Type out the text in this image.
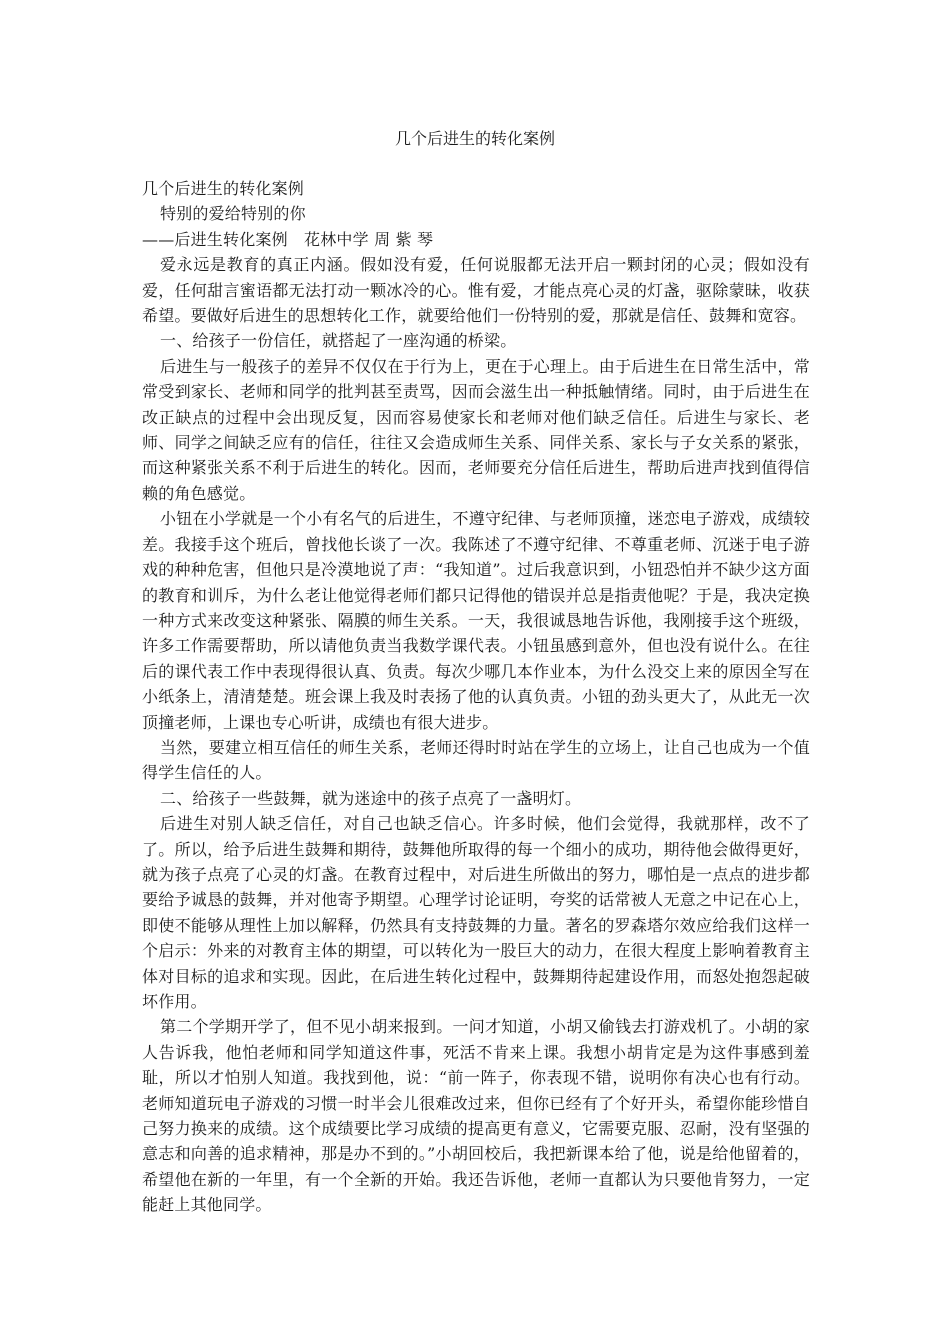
几个后进生的转化案例

几个后进生的转化案例

特别的爱给特别的你

——后进生转化案例　花林中学 周 紫 琴

爱永远是教育的真正内涵。假如没有爱，任何说服都无法开启一颗封闭的心灵；假如没有爱，任何甜言蜜语都无法打动一颗冰冷的心。惟有爱，才能点亮心灵的灯盏，驱除蒙昧，收获希望。要做好后进生的思想转化工作，就要给他们一份特别的爱，那就是信任、鼓舞和宽容。

一、给孩子一份信任，就搭起了一座沟通的桥梁。

后进生与一般孩子的差异不仅仅在于行为上，更在于心理上。由于后进生在日常生活中，常常受到家长、老师和同学的批判甚至责骂，因而会滋生出一种抵触情绪。同时，由于后进生在改正缺点的过程中会出现反复，因而容易使家长和老师对他们缺乏信任。后进生与家长、老师、同学之间缺乏应有的信任，往往又会造成师生关系、同伴关系、家长与子女关系的紧张，而这种紧张关系不利于后进生的转化。因而，老师要充分信任后进生，帮助后进声找到值得信赖的角色感觉。

小钮在小学就是一个小有名气的后进生，不遵守纪律、与老师顶撞，迷恋电子游戏，成绩较差。我接手这个班后，曾找他长谈了一次。我陈述了不遵守纪律、不尊重老师、沉迷于电子游戏的种种危害，但他只是冷漠地说了声：“我知道”。过后我意识到，小钮恐怕并不缺少这方面的教育和训斥，为什么老让他觉得老师们都只记得他的错误并总是指责他呢？于是，我决定换一种方式来改变这种紧张、隔膜的师生关系。一天，我很诚恳地告诉他，我刚接手这个班级，许多工作需要帮助，所以请他负责当我数学课代表。小钮虽感到意外，但也没有说什么。在往后的课代表工作中表现得很认真、负责。每次少哪几本作业本，为什么没交上来的原因全写在小纸条上，清清楚楚。班会课上我及时表扬了他的认真负责。小钮的劲头更大了，从此无一次顶撞老师，上课也专心听讲，成绩也有很大进步。

当然，要建立相互信任的师生关系，老师还得时时站在学生的立场上，让自己也成为一个值得学生信任的人。

二、给孩子一些鼓舞，就为迷途中的孩子点亮了一盏明灯。

后进生对别人缺乏信任，对自己也缺乏信心。许多时候，他们会觉得，我就那样，改不了了。所以，给予后进生鼓舞和期待，鼓舞他所取得的每一个细小的成功，期待他会做得更好，就为孩子点亮了心灵的灯盏。在教育过程中，对后进生所做出的努力，哪怕是一点点的进步都要给予诚恳的鼓舞，并对他寄予期望。心理学讨论证明，夸奖的话常被人无意之中记在心上，即使不能够从理性上加以解释，仍然具有支持鼓舞的力量。著名的罗森塔尔效应给我们这样一个启示：外来的对教育主体的期望，可以转化为一股巨大的动力，在很大程度上影响着教育主体对目标的追求和实现。因此，在后进生转化过程中，鼓舞期待起建设作用，而怒处抱怨起破坏作用。

第二个学期开学了，但不见小胡来报到。一问才知道，小胡又偷钱去打游戏机了。小胡的家人告诉我，他怕老师和同学知道这件事，死活不肯来上课。我想小胡肯定是为这件事感到羞耻，所以才怕别人知道。我找到他，说：“前一阵子，你表现不错，说明你有决心也有行动。老师知道玩电子游戏的习惯一时半会儿很难改过来，但你已经有了个好开头，希望你能珍惜自己努力换来的成绩。这个成绩要比学习成绩的提高更有意义，它需要克服、忍耐，没有坚强的意志和向善的追求精神，那是办不到的。”小胡回校后，我把新课本给了他，说是给他留着的，希望他在新的一年里，有一个全新的开始。我还告诉他，老师一直都认为只要他肯努力，一定能赶上其他同学。
